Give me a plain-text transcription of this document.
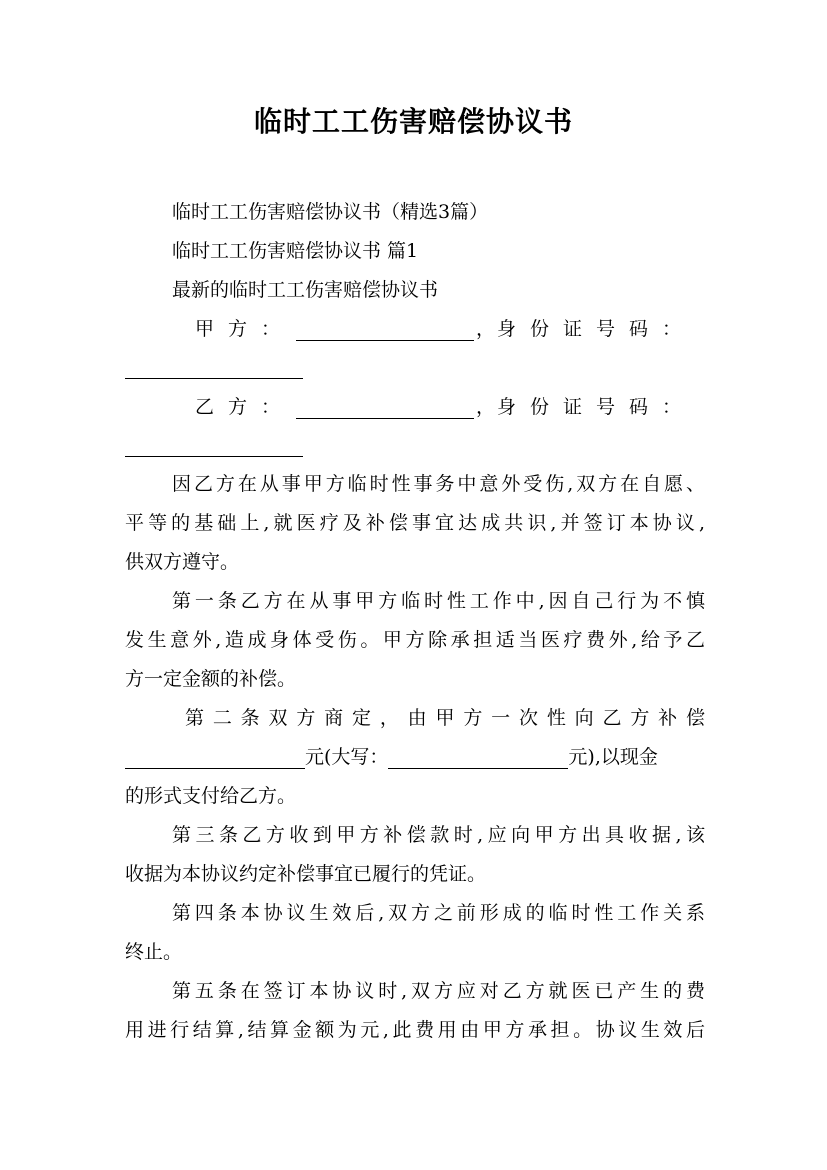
临时工工伤害赔偿协议书
临时工工伤害赔偿协议书（精选3篇）
临时工工伤害赔偿协议书 篇1
最新的临时工工伤害赔偿协议书
甲方：	， 身份证号码：
乙方：	， 身份证号码：
因乙方在从事甲方临时性事务中意外受伤,双方在自愿、
平等的基础上,就医疗及补偿事宜达成共识,并签订本协议,
供双方遵守。
第一条乙方在从事甲方临时性工作中,因自己行为不慎
发生意外,造成身体受伤。甲方除承担适当医疗费外,给予乙
方一定金额的补偿。
第二条双方商定，由甲方一次性向乙方补偿
元(大写：	元),以现金
的形式支付给乙方。
第三条乙方收到甲方补偿款时,应向甲方出具收据,该
收据为本协议约定补偿事宜已履行的凭证。
第四条本协议生效后,双方之前形成的临时性工作关系
终止。
第五条在签订本协议时,双方应对乙方就医已产生的费
用进行结算,结算金额为元,此费用由甲方承担。协议生效后
